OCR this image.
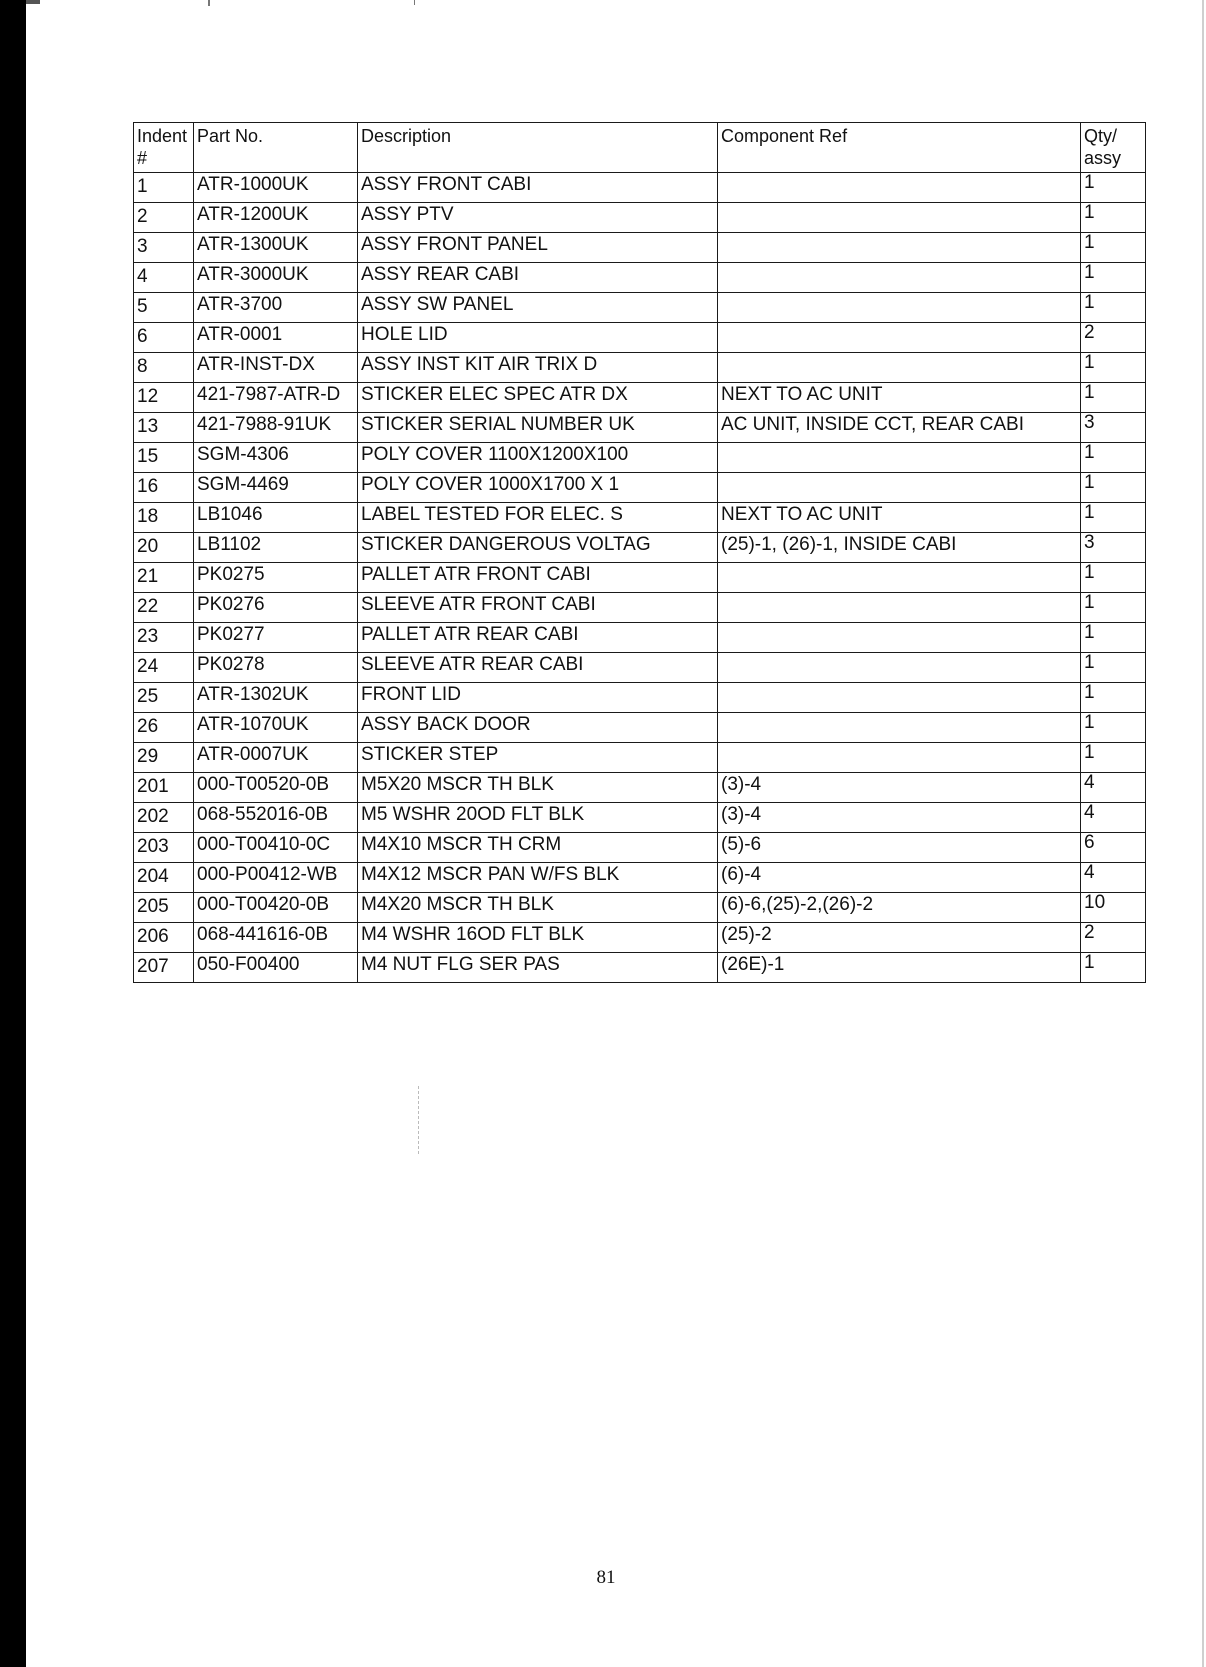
Indent #	Part No.	Description	Component Ref	Qty/ assy
1	ATR-1000UK	ASSY FRONT CABI		1
2	ATR-1200UK	ASSY PTV		1
3	ATR-1300UK	ASSY FRONT PANEL		1
4	ATR-3000UK	ASSY REAR CABI		1
5	ATR-3700	ASSY SW PANEL		1
6	ATR-0001	HOLE LID		2
8	ATR-INST-DX	ASSY INST KIT AIR TRIX D		1
12	421-7987-ATR-D	STICKER ELEC SPEC ATR DX	NEXT TO AC UNIT	1
13	421-7988-91UK	STICKER SERIAL NUMBER UK	AC UNIT, INSIDE CCT, REAR CABI	3
15	SGM-4306	POLY COVER 1100X1200X100		1
16	SGM-4469	POLY COVER 1000X1700 X 1		1
18	LB1046	LABEL TESTED FOR ELEC. S	NEXT TO AC UNIT	1
20	LB1102	STICKER DANGEROUS VOLTAG	(25)-1, (26)-1, INSIDE CABI	3
21	PK0275	PALLET ATR FRONT CABI		1
22	PK0276	SLEEVE ATR FRONT CABI		1
23	PK0277	PALLET ATR REAR CABI		1
24	PK0278	SLEEVE ATR REAR CABI		1
25	ATR-1302UK	FRONT LID		1
26	ATR-1070UK	ASSY BACK DOOR		1
29	ATR-0007UK	STICKER STEP		1
201	000-T00520-0B	M5X20 MSCR TH BLK	(3)-4	4
202	068-552016-0B	M5 WSHR 20OD FLT BLK	(3)-4	4
203	000-T00410-0C	M4X10 MSCR TH CRM	(5)-6	6
204	000-P00412-WB	M4X12 MSCR PAN W/FS BLK	(6)-4	4
205	000-T00420-0B	M4X20 MSCR TH BLK	(6)-6,(25)-2,(26)-2	10
206	068-441616-0B	M4 WSHR 16OD FLT BLK	(25)-2	2
207	050-F00400	M4 NUT FLG SER PAS	(26E)-1	1
81
